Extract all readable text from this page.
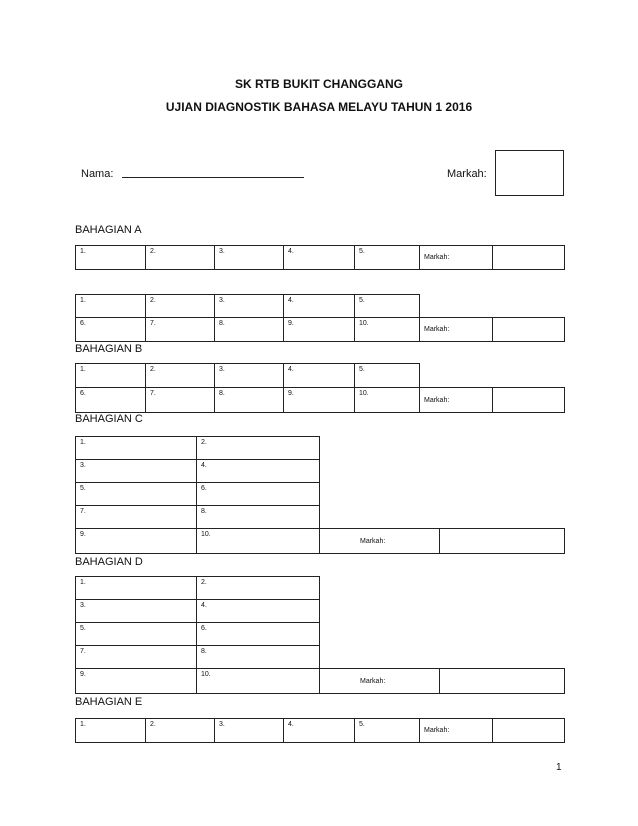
SK RTB BUKIT CHANGGANG
UJIAN DIAGNOSTIK BAHASA MELAYU TAHUN 1 2016
Nama:	Markah:
BAHAGIAN A
1.	2.	3.	4.	5.	Markah:	
1.	2.	3.	4.	5.		
6.	7.	8.	9.	10.	Markah:	
BAHAGIAN B
1.	2.	3.	4.	5.		
6.	7.	8.	9.	10.	Markah:	
BAHAGIAN C
1.	2.		
3.	4.		
5.	6.		
7.	8.		
9.	10.	Markah:	
BAHAGIAN D
1.	2.		
3.	4.		
5.	6.		
7.	8.		
9.	10.	Markah:	
BAHAGIAN E
1.	2.	3.	4.	5.	Markah:	
1
